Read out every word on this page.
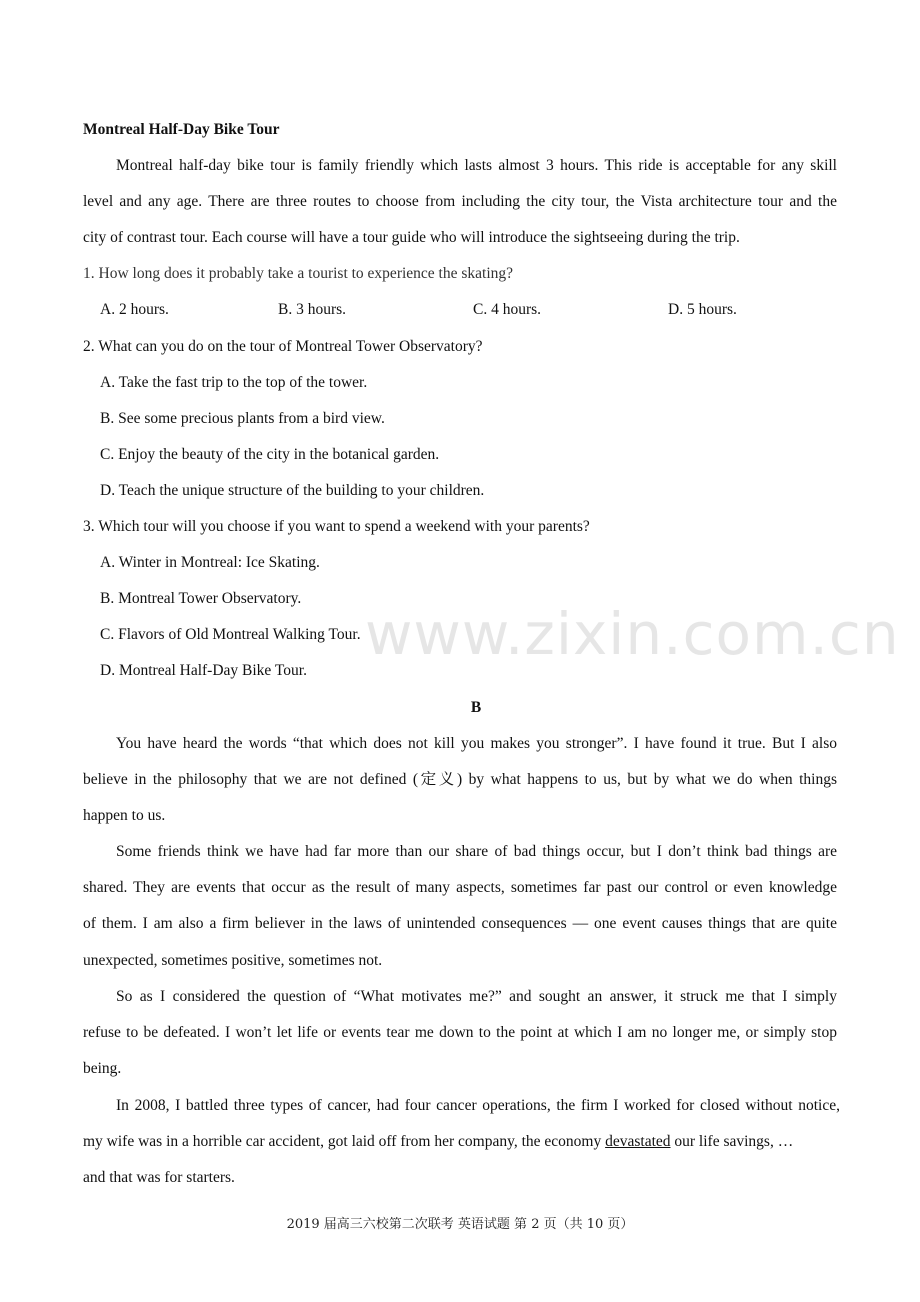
Montreal Half-Day Bike Tour
Montreal half-day bike tour is family friendly which lasts almost 3 hours. This ride is acceptable for any skill
level and any age. There are three routes to choose from including the city tour, the Vista architecture tour and the
city of contrast tour. Each course will have a tour guide who will introduce the sightseeing during the trip.
1. How long does it probably take a tourist to experience the skating?
A. 2 hours.	B. 3 hours.	C. 4 hours.	D. 5 hours.
2. What can you do on the tour of Montreal Tower Observatory?
A. Take the fast trip to the top of the tower.
B. See some precious plants from a bird view.
C. Enjoy the beauty of the city in the botanical garden.
D. Teach the unique structure of the building to your children.
3. Which tour will you choose if you want to spend a weekend with your parents?
A. Winter in Montreal: Ice Skating.
B. Montreal Tower Observatory.
C. Flavors of Old Montreal Walking Tour.
D. Montreal Half-Day Bike Tour.
B
You have heard the words “that which does not kill you makes you stronger”. I have found it true. But I also
believe in the philosophy that we are not defined (定义) by what happens to us, but by what we do when things
happen to us.
Some friends think we have had far more than our share of bad things occur, but I don’t think bad things are
shared. They are events that occur as the result of many aspects, sometimes far past our control or even knowledge
of them. I am also a firm believer in the laws of unintended consequences — one event causes things that are quite
unexpected, sometimes positive, sometimes not.
So as I considered the question of “What motivates me?” and sought an answer, it struck me that I simply
refuse to be defeated. I won’t let life or events tear me down to the point at which I am no longer me, or simply stop
being.
In 2008, I battled three types of cancer, had four cancer operations, the firm I worked for closed without notice,
my wife was in a horrible car accident, got laid off from her company, the economy devastated our life savings, …
and that was for starters.
www.zixin.com.cn
2019 届高三六校第二次联考 英语试题 第 2 页（共 10 页）
